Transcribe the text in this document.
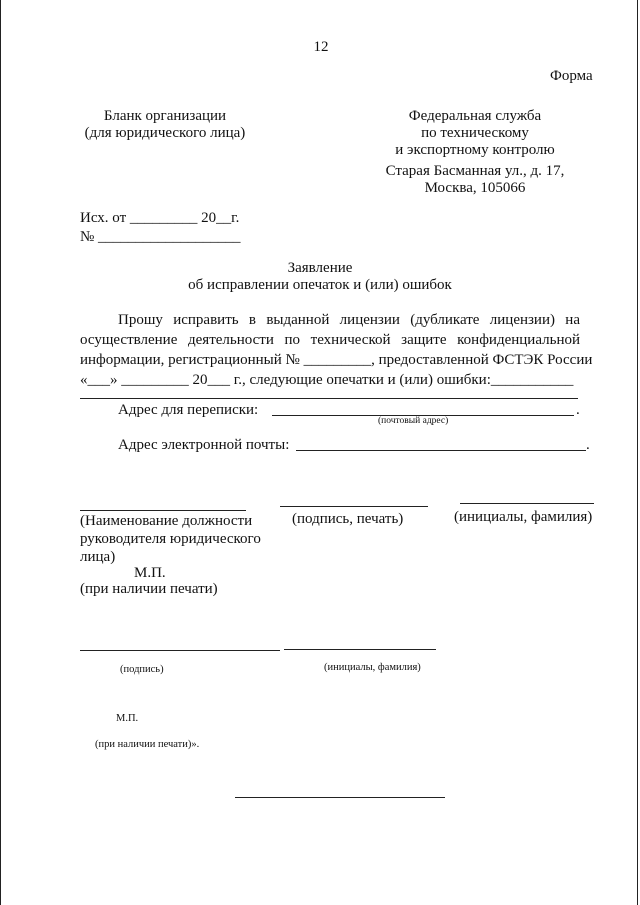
12
Форма
Бланк организации
(для юридического лица)
Федеральная служба
по техническому
и экспортному контролю
Старая Басманная ул., д. 17,
Москва, 105066
Исх. от _________ 20__г.
№ ___________________
Заявление
об исправлении опечаток и (или) ошибок
Прошу исправить в выданной лицензии (дубликате лицензии) на
осуществление деятельности по технической защите конфиденциальной
информации, регистрационный № _________, предоставленной ФСТЭК России
«___» _________ 20___ г., следующие опечатки и (или) ошибки:___________
Адрес для переписки:	.
(почтовый адрес)
Адрес электронной почты:	.
(Наименование должности
руководителя юридического
лица)
(подпись, печать)	(инициалы, фамилия)
М.П.
(при наличии печати)
(подпись)	(инициалы, фамилия)
М.П.
(при наличии печати)».
